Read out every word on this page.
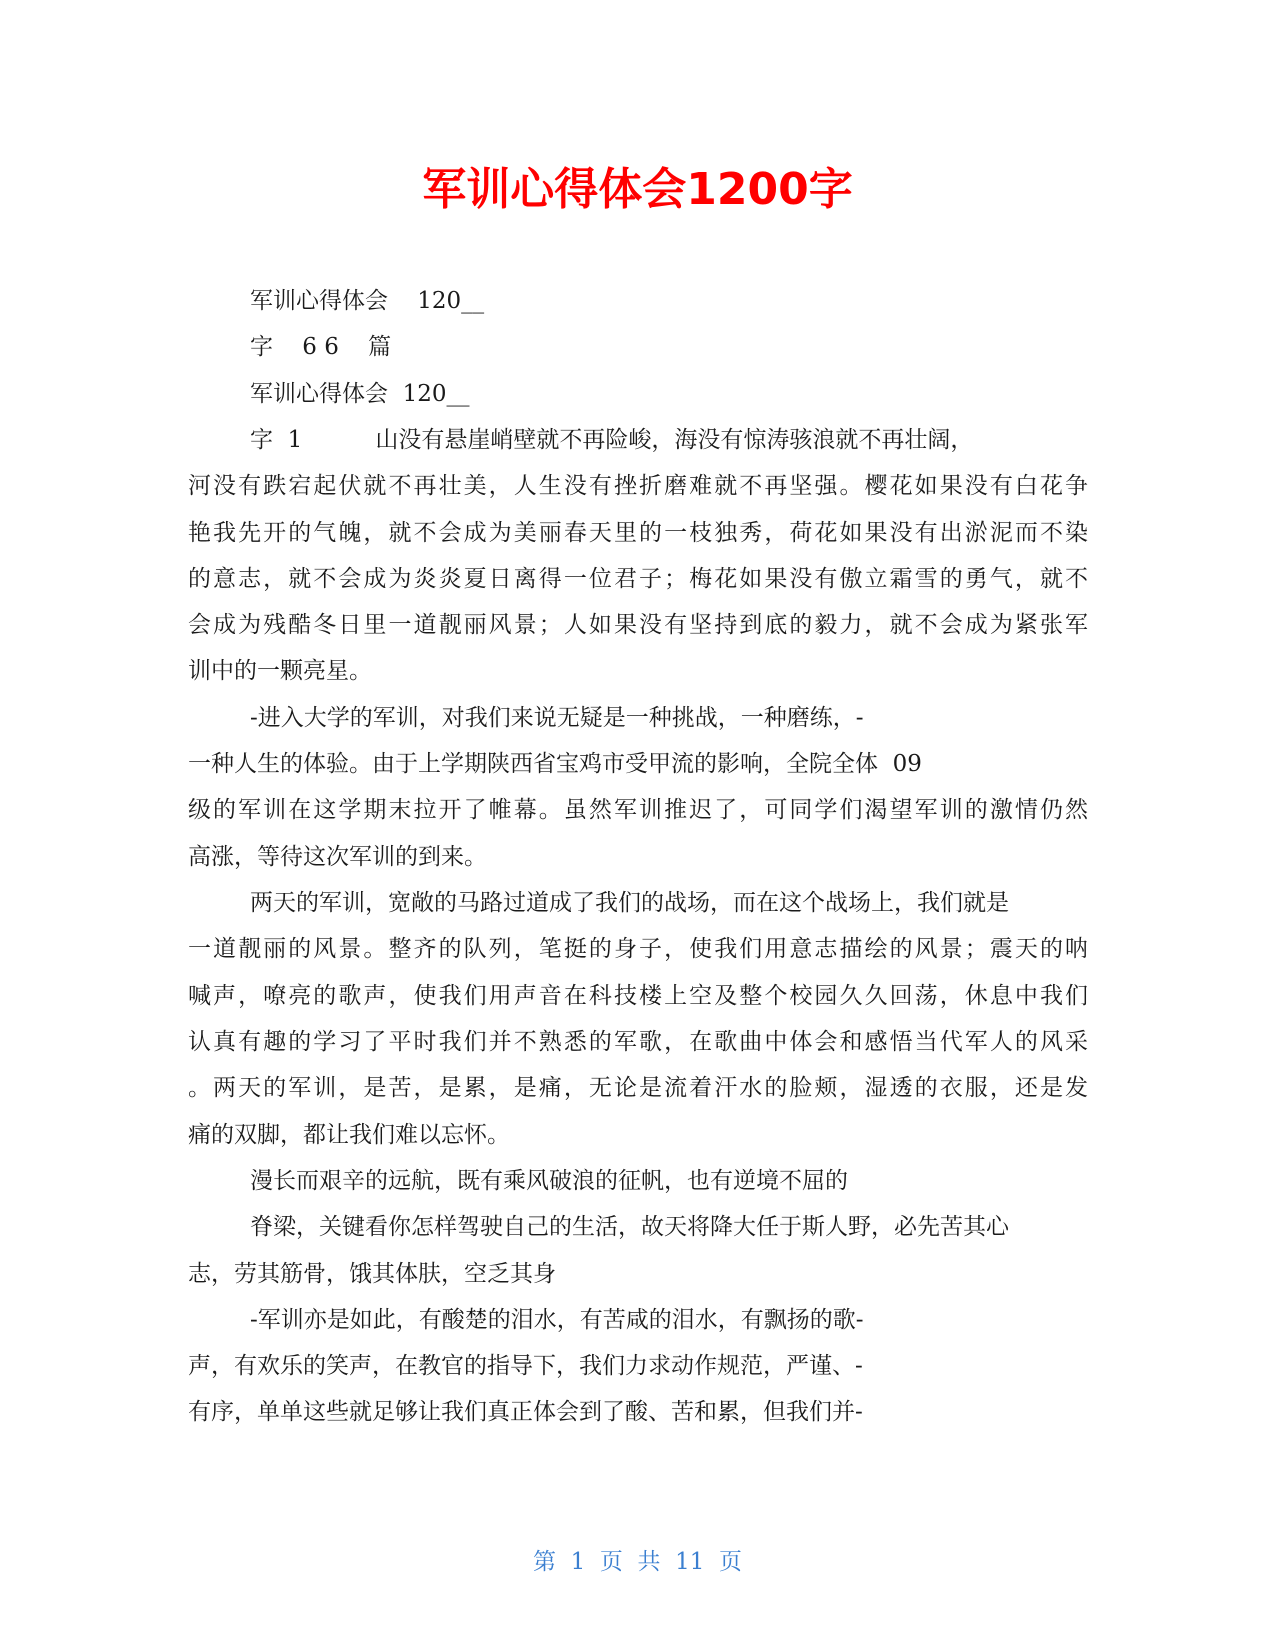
军训心得体会1200字

军训心得体会    120__

字    6 6    篇

军训心得体会  120__

字  1          山没有悬崖峭壁就不再险峻，海没有惊涛骇浪就不再壮阔，

河没有跌宕起伏就不再壮美，人生没有挫折磨难就不再坚强。樱花如果没有白花争

艳我先开的气魄，就不会成为美丽春天里的一枝独秀，荷花如果没有出淤泥而不染

的意志，就不会成为炎炎夏日离得一位君子；梅花如果没有傲立霜雪的勇气，就不

会成为残酷冬日里一道靓丽风景；人如果没有坚持到底的毅力，就不会成为紧张军

训中的一颗亮星。

-进入大学的军训，对我们来说无疑是一种挑战，一种磨练，-

一种人生的体验。由于上学期陕西省宝鸡市受甲流的影响，全院全体  09

级的军训在这学期末拉开了帷幕。虽然军训推迟了，可同学们渴望军训的激情仍然

高涨，等待这次军训的到来。

两天的军训，宽敞的马路过道成了我们的战场，而在这个战场上，我们就是

一道靓丽的风景。整齐的队列，笔挺的身子，使我们用意志描绘的风景；震天的呐

喊声，嘹亮的歌声，使我们用声音在科技楼上空及整个校园久久回荡，休息中我们

认真有趣的学习了平时我们并不熟悉的军歌，在歌曲中体会和感悟当代军人的风采

。两天的军训，是苦，是累，是痛，无论是流着汗水的脸颊，湿透的衣服，还是发

痛的双脚，都让我们难以忘怀。

漫长而艰辛的远航，既有乘风破浪的征帆，也有逆境不屈的

脊梁，关键看你怎样驾驶自己的生活，故天将降大任于斯人野，必先苦其心

志，劳其筋骨，饿其体肤，空乏其身

-军训亦是如此，有酸楚的泪水，有苦咸的泪水，有飘扬的歌-

声，有欢乐的笑声，在教官的指导下，我们力求动作规范，严谨、-

有序，单单这些就足够让我们真正体会到了酸、苦和累，但我们并-

第  1  页  共  11  页
